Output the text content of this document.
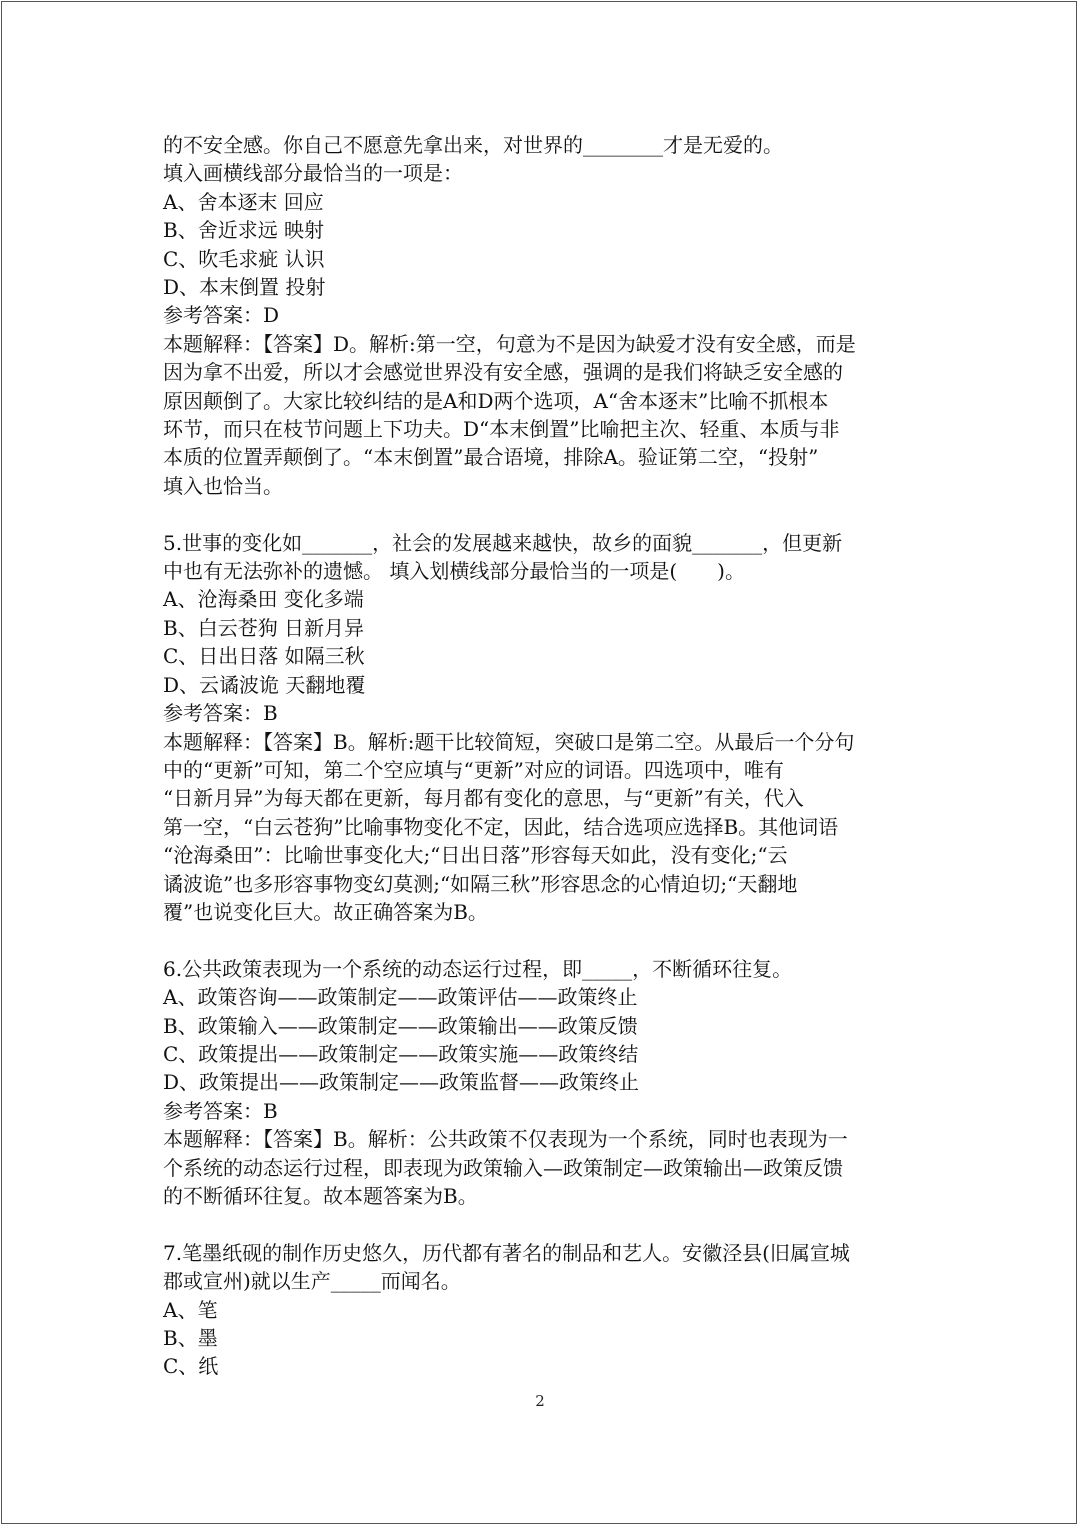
的不安全感。你自己不愿意先拿出来，对世界的________才是无爱的。
填入画横线部分最恰当的一项是：
A、舍本逐末 回应
B、舍近求远 映射
C、吹毛求疵 认识
D、本末倒置 投射
参考答案：D
本题解释：【答案】D。解析:第一空，句意为不是因为缺爱才没有安全感，而是
因为拿不出爱，所以才会感觉世界没有安全感，强调的是我们将缺乏安全感的
原因颠倒了。大家比较纠结的是A和D两个选项，A“舍本逐末”比喻不抓根本
环节，而只在枝节问题上下功夫。D“本末倒置”比喻把主次、轻重、本质与非
本质的位置弄颠倒了。“本末倒置”最合语境，排除A。验证第二空，“投射”
填入也恰当。
5.世事的变化如_______，社会的发展越来越快，故乡的面貌_______，但更新
中也有无法弥补的遗憾。 填入划横线部分最恰当的一项是(　　)。
A、沧海桑田 变化多端
B、白云苍狗 日新月异
C、日出日落 如隔三秋
D、云谲波诡 天翻地覆
参考答案：B
本题解释：【答案】B。解析:题干比较简短，突破口是第二空。从最后一个分句
中的“更新”可知，第二个空应填与“更新”对应的词语。四选项中，唯有
“日新月异”为每天都在更新，每月都有变化的意思，与“更新”有关，代入
第一空，“白云苍狗”比喻事物变化不定，因此，结合选项应选择B。其他词语
“沧海桑田”：比喻世事变化大;“日出日落”形容每天如此，没有变化;“云
谲波诡”也多形容事物变幻莫测;“如隔三秋”形容思念的心情迫切;“天翻地
覆”也说变化巨大。故正确答案为B。
6.公共政策表现为一个系统的动态运行过程，即_____，不断循环往复。
A、政策咨询——政策制定——政策评估——政策终止
B、政策输入——政策制定——政策输出——政策反馈
C、政策提出——政策制定——政策实施——政策终结
D、政策提出——政策制定——政策监督——政策终止
参考答案：B
本题解释：【答案】B。解析：公共政策不仅表现为一个系统，同时也表现为一
个系统的动态运行过程，即表现为政策输入—政策制定—政策输出—政策反馈
的不断循环往复。故本题答案为B。
7.笔墨纸砚的制作历史悠久，历代都有著名的制品和艺人。安徽泾县(旧属宣城
郡或宣州)就以生产_____而闻名。
A、笔
B、墨
C、纸
2
